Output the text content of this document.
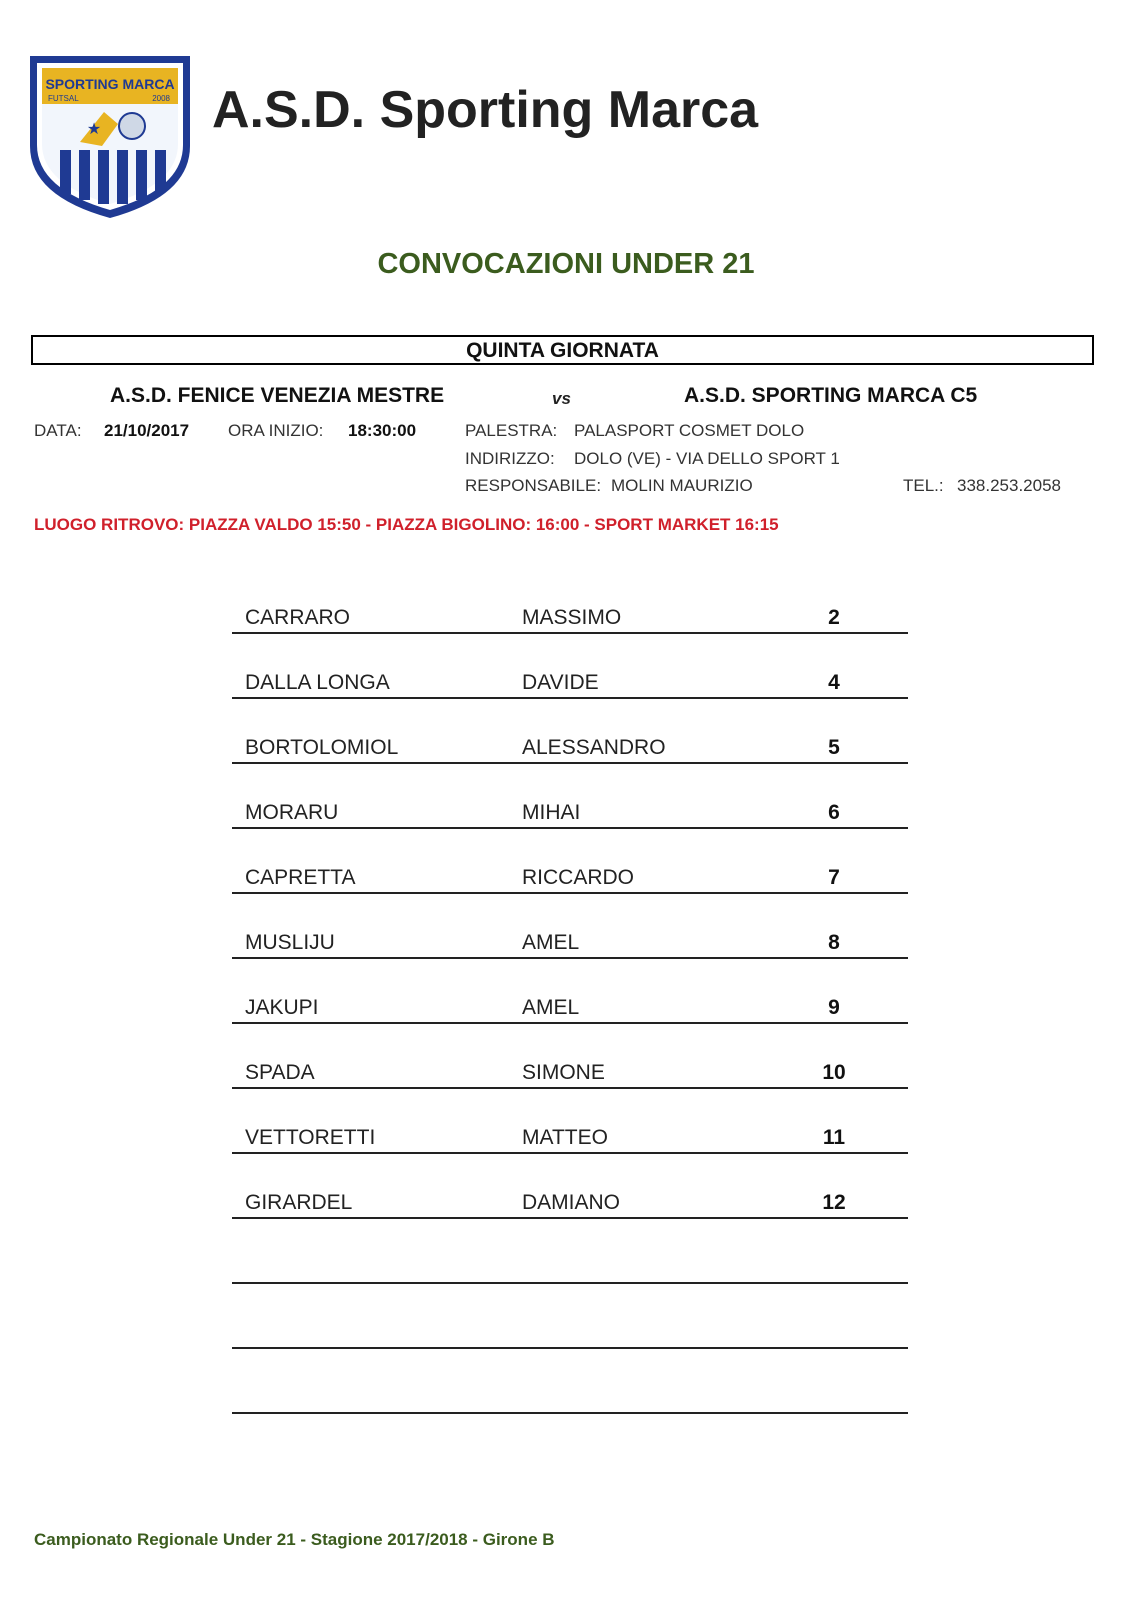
SPORTING MARCA
FUTSAL	2008
★ A.S.D. Sporting Marca
CONVOCAZIONI UNDER 21
QUINTA GIORNATA
A.S.D. FENICE VENEZIA MESTRE	vs	A.S.D. SPORTING MARCA C5
DATA: 21/10/2017 ORA INIZIO: 18:30:00	PALESTRA: PALASPORT COSMET DOLO
INDIRIZZO: DOLO (VE) - VIA DELLO SPORT 1
RESPONSABILE: MOLIN MAURIZIO	TEL.: 338.253.2058
LUOGO RITROVO: PIAZZA VALDO 15:50 - PIAZZA BIGOLINO: 16:00 - SPORT MARKET 16:15
CARRARO	MASSIMO	2
DALLA LONGA	DAVIDE	4
BORTOLOMIOL	ALESSANDRO	5
MORARU	MIHAI	6
CAPRETTA	RICCARDO	7
MUSLIJU	AMEL	8
JAKUPI	AMEL	9
SPADA	SIMONE	10
VETTORETTI	MATTEO	11
GIRARDEL	DAMIANO	12
Campionato Regionale Under 21 - Stagione 2017/2018 - Girone B
